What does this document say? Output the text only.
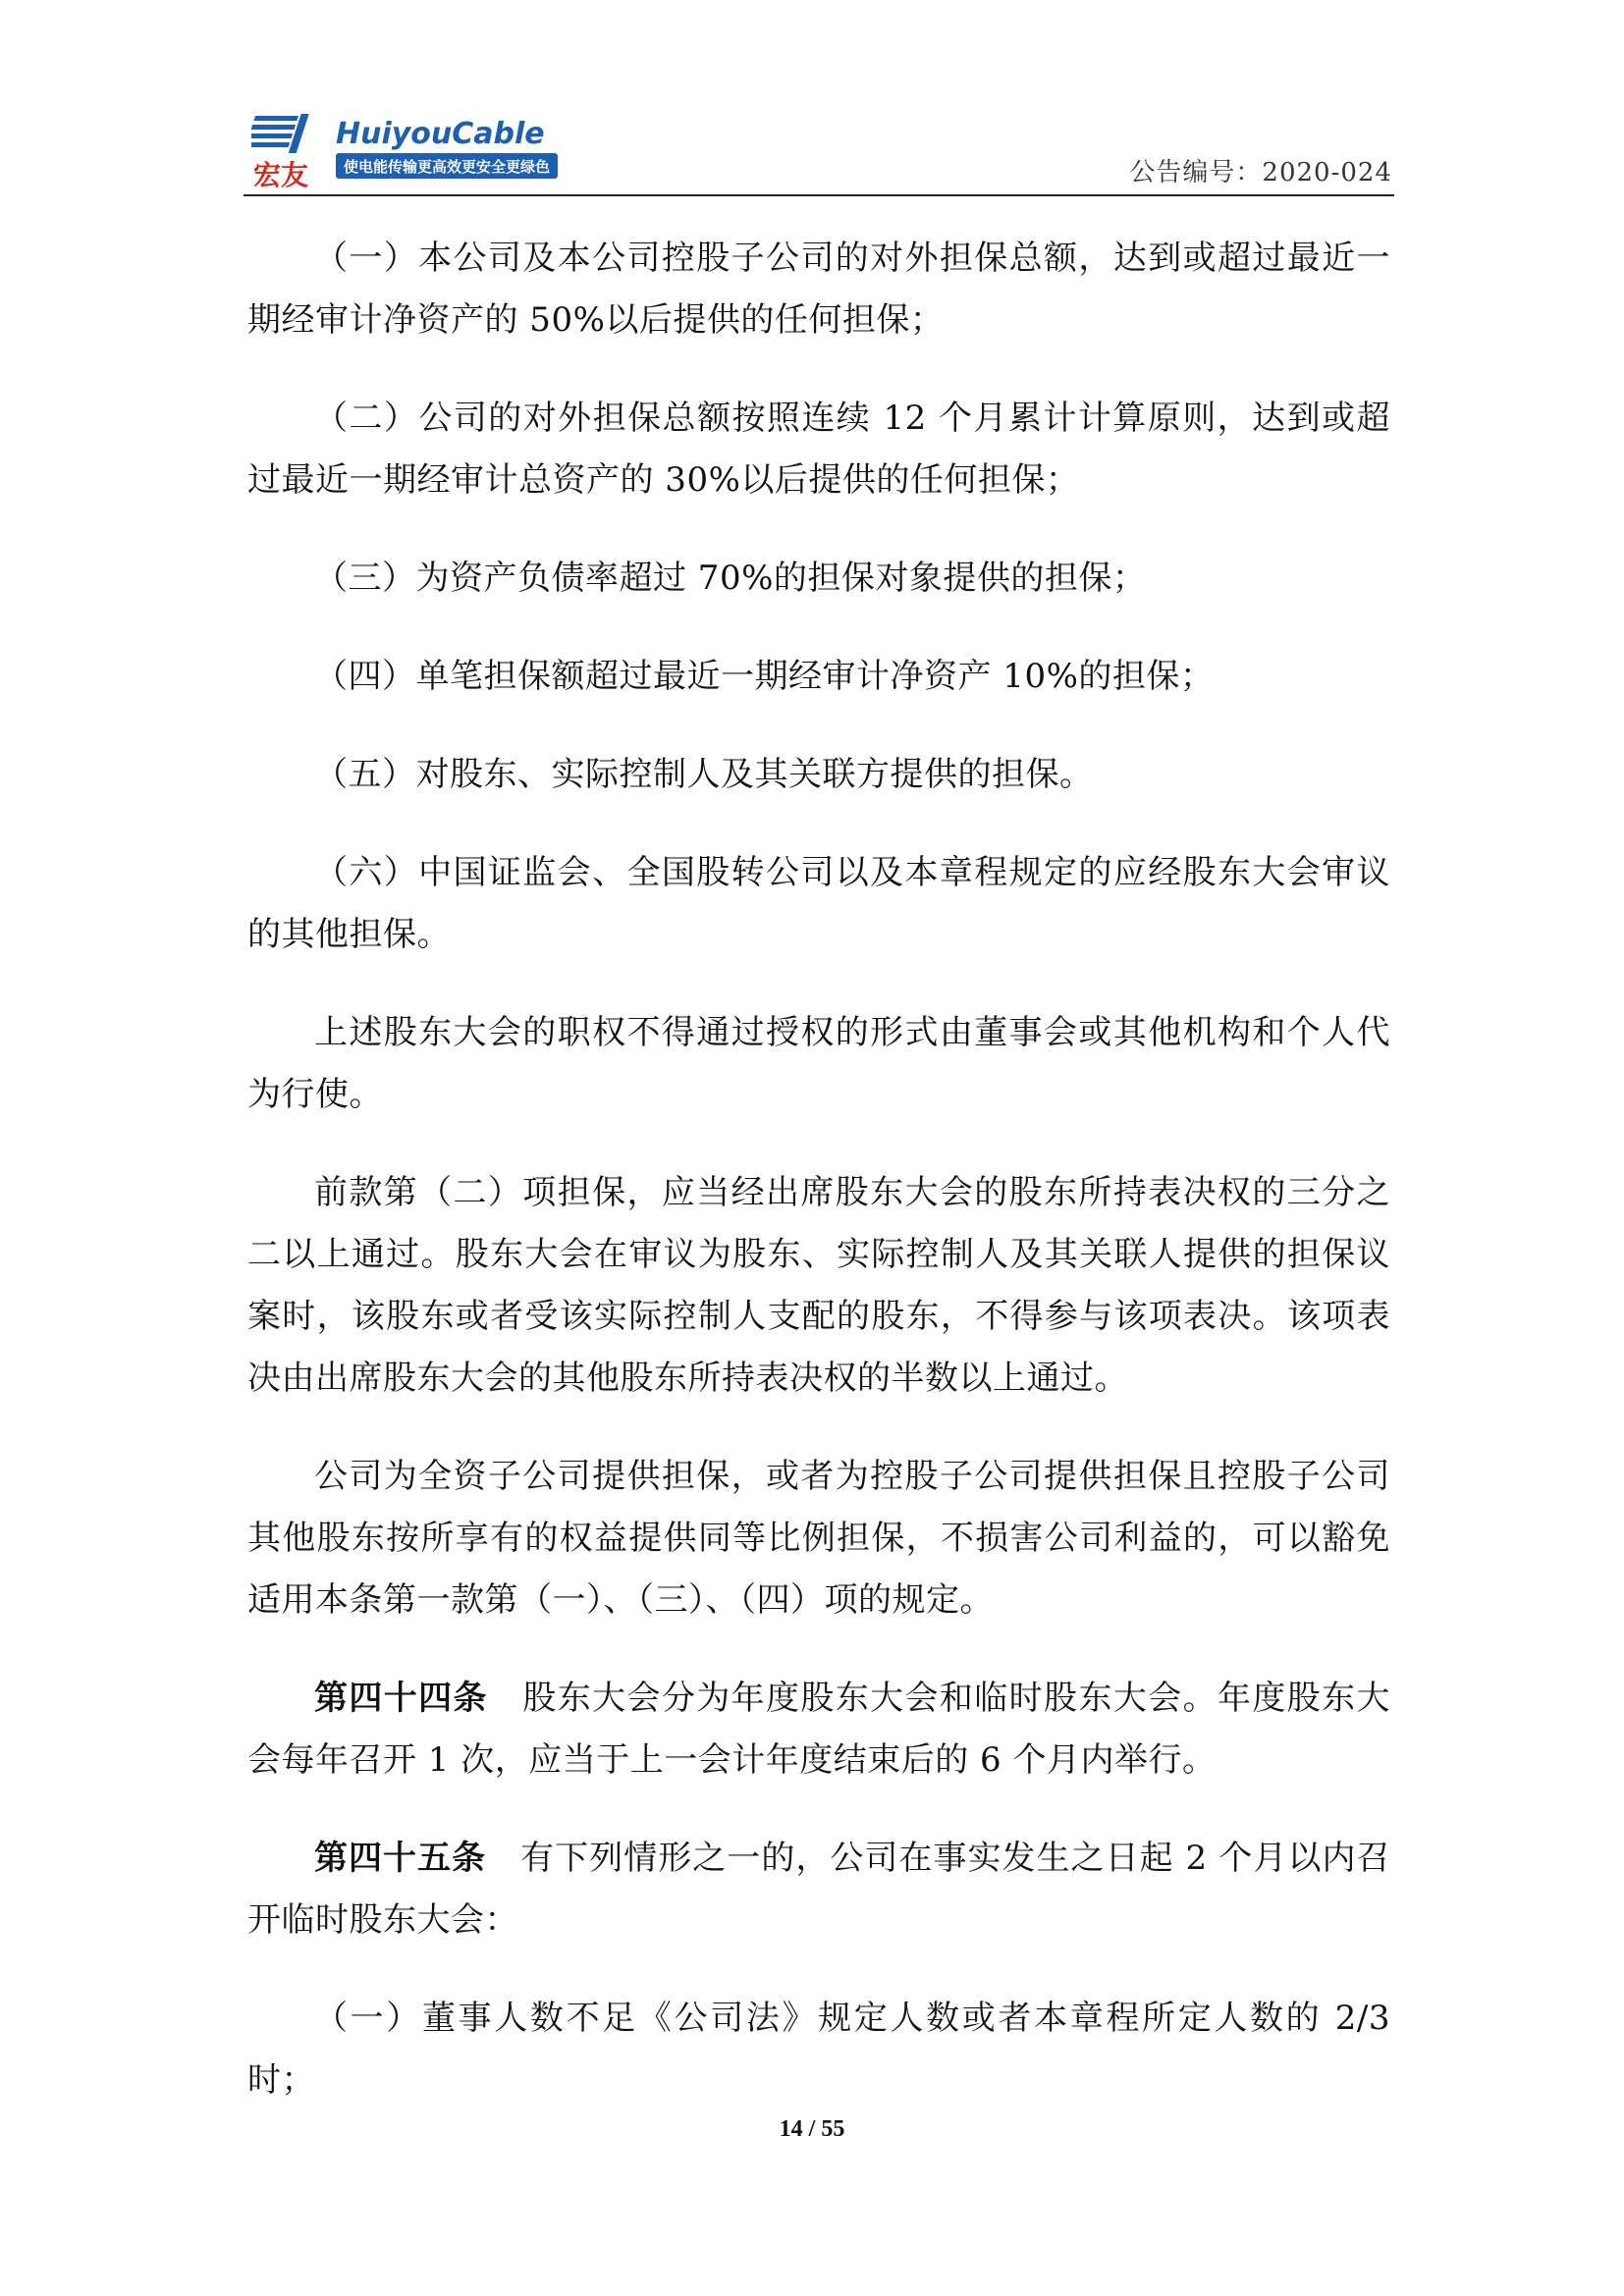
宏友
HuiyouCable
使电能传输更高效更安全更绿色	公告编号：2020-024

（一）本公司及本公司控股子公司的对外担保总额，达到或超过最近一期经审计净资产的 50%以后提供的任何担保；

（二）公司的对外担保总额按照连续 12 个月累计计算原则，达到或超过最近一期经审计总资产的 30%以后提供的任何担保；

（三）为资产负债率超过 70%的担保对象提供的担保；

（四）单笔担保额超过最近一期经审计净资产 10%的担保；

（五）对股东、实际控制人及其关联方提供的担保。

（六）中国证监会、全国股转公司以及本章程规定的应经股东大会审议的其他担保。

上述股东大会的职权不得通过授权的形式由董事会或其他机构和个人代为行使。

前款第（二）项担保，应当经出席股东大会的股东所持表决权的三分之二以上通过。股东大会在审议为股东、实际控制人及其关联人提供的担保议案时，该股东或者受该实际控制人支配的股东，不得参与该项表决。该项表决由出席股东大会的其他股东所持表决权的半数以上通过。

公司为全资子公司提供担保，或者为控股子公司提供担保且控股子公司其他股东按所享有的权益提供同等比例担保，不损害公司利益的，可以豁免适用本条第一款第（一）、（三）、（四）项的规定。

第四十四条　 股东大会分为年度股东大会和临时股东大会。年度股东大会每年召开 1 次，应当于上一会计年度结束后的 6 个月内举行。

第四十五条　 有下列情形之一的，公司在事实发生之日起 2 个月以内召开临时股东大会：

（一）董事人数不足《公司法》规定人数或者本章程所定人数的 2/3 时；

14 / 55
